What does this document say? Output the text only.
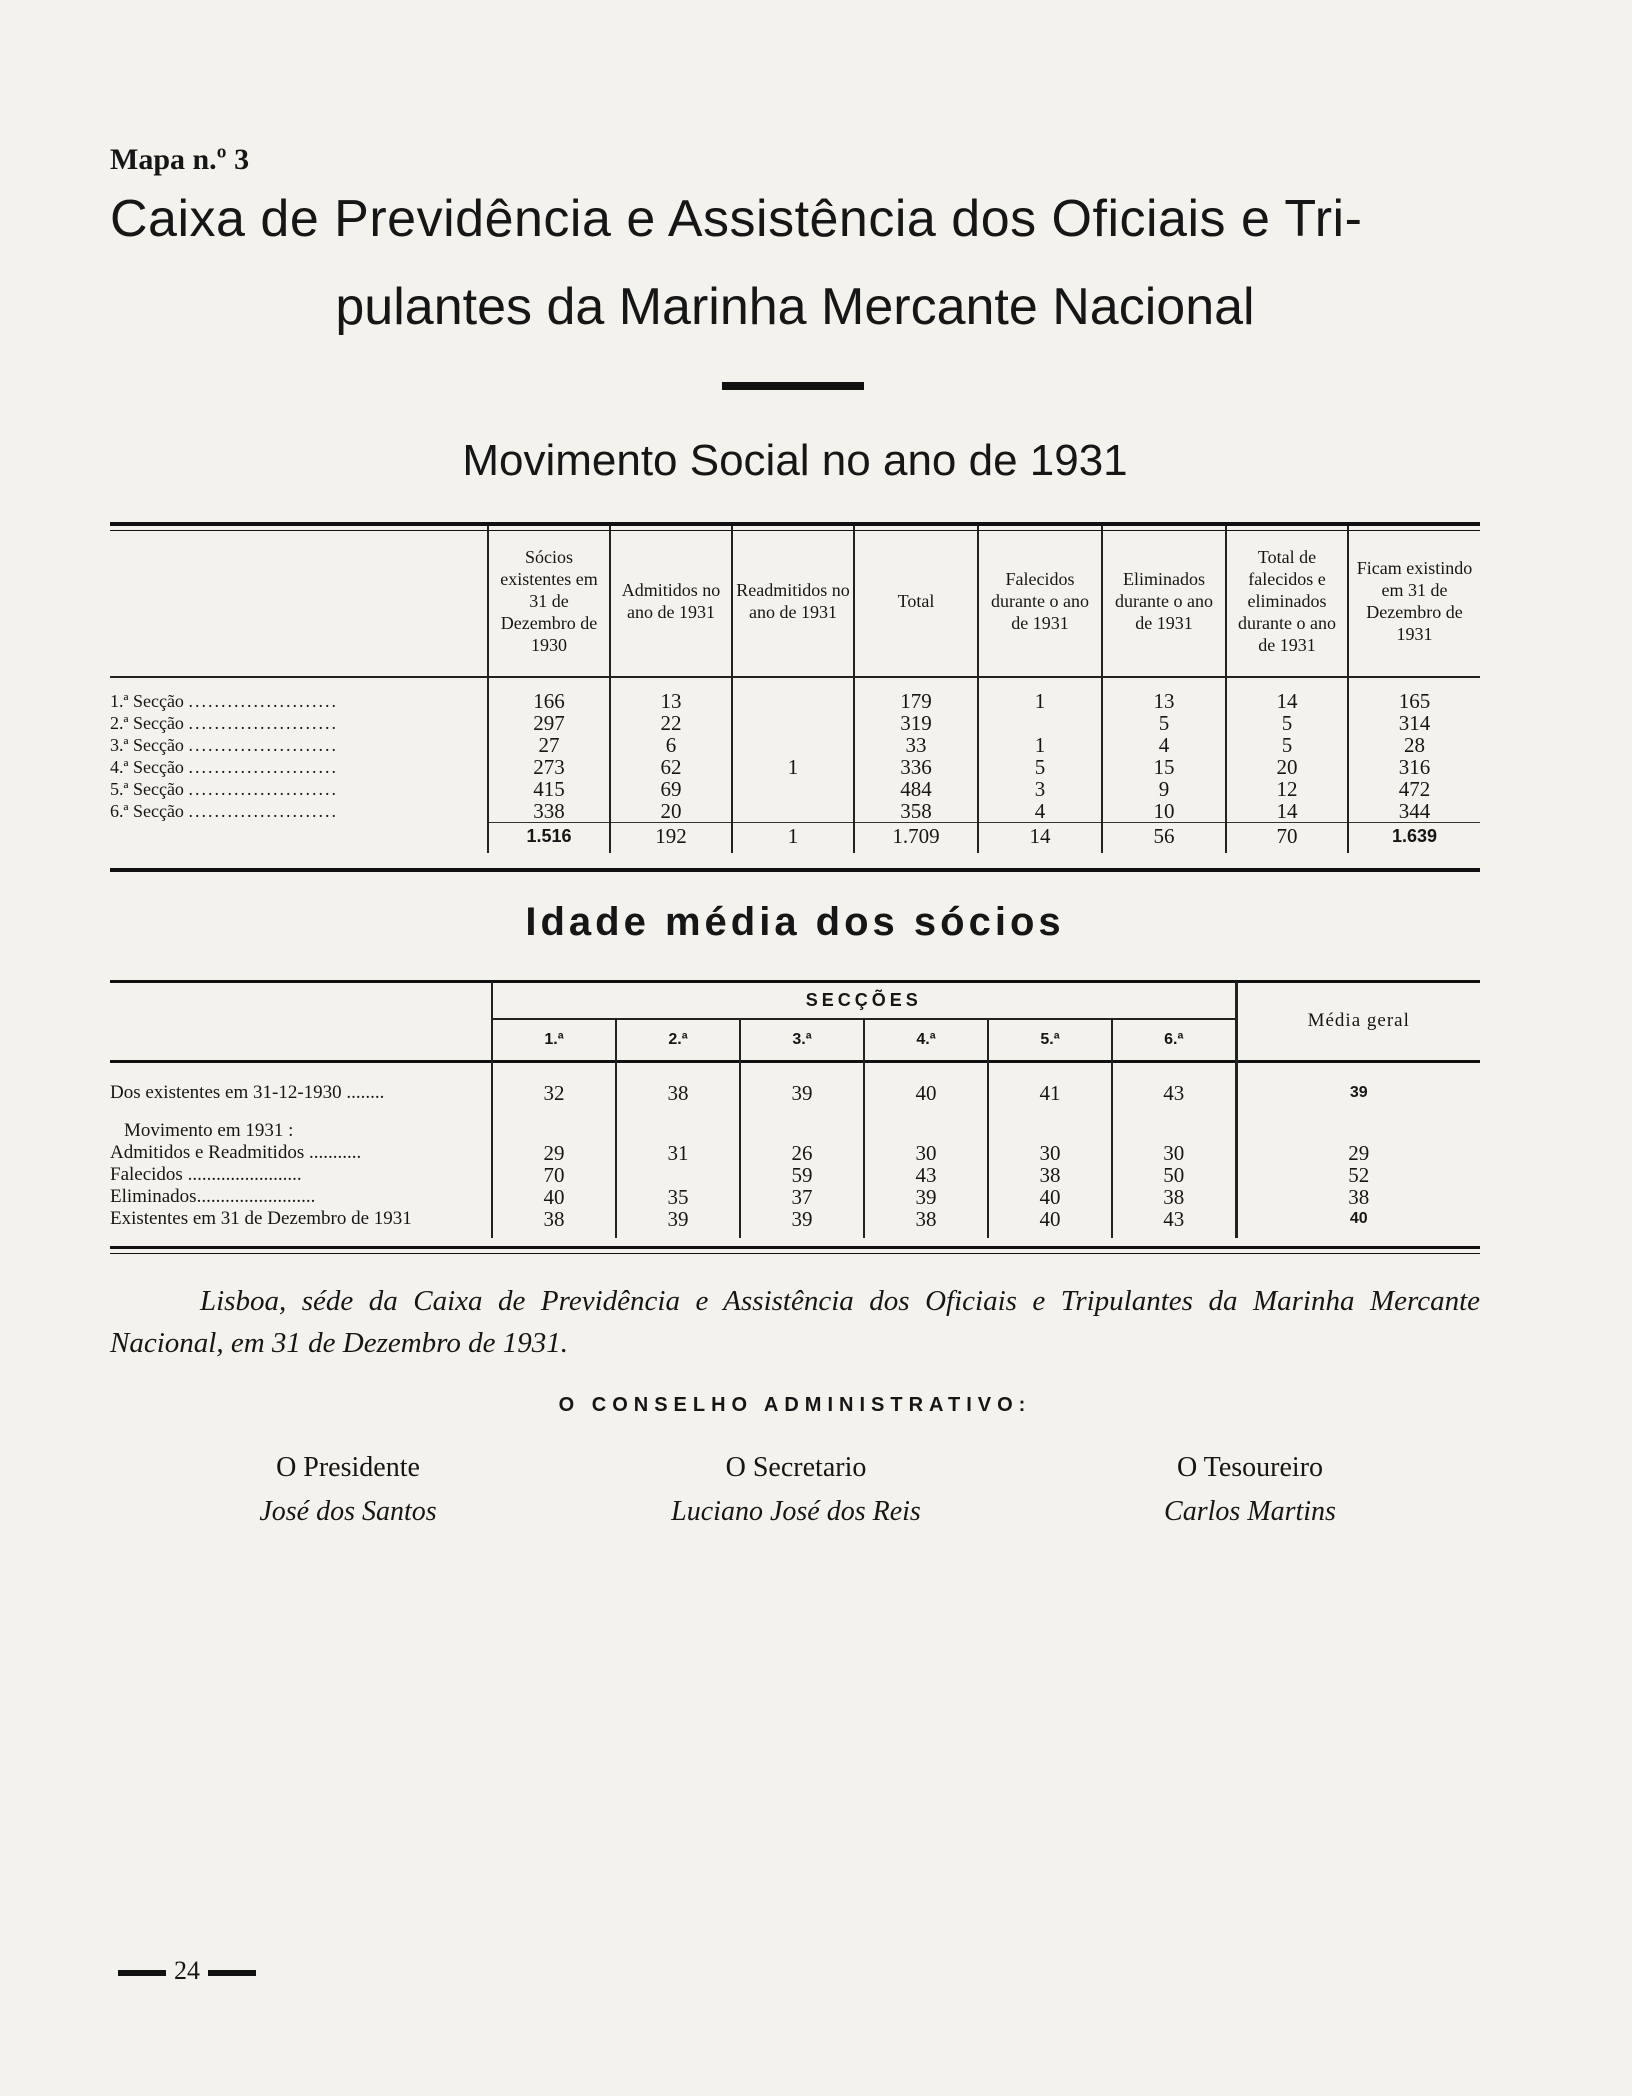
Mapa n.º 3
Caixa de Previdência e Assistência dos Oficiais e Tri-
pulantes da Marinha Mercante Nacional
Movimento Social no ano de 1931
	Sócios existentes em 31 de Dezembro de 1930	Admitidos no ano de 1931	Readmitidos no ano de 1931	Total	Falecidos durante o ano de 1931	Eliminados durante o ano de 1931	Total de falecidos e eliminados durante o ano de 1931	Ficam existindo em 31 de Dezembro de 1931
1.ª Secção .......................	166	13		179	1	13	14	165
2.ª Secção .......................	297	22		319		5	5	314
3.ª Secção .......................	27	6		33	1	4	5	28
4.ª Secção .......................	273	62	1	336	5	15	20	316
5.ª Secção .......................	415	69		484	3	9	12	472
6.ª Secção .......................	338	20		358	4	10	14	344
	1.516	192	1	1.709	14	56	70	1.639
Idade média dos sócios
	SECÇÕES						Média geral
	1.ª	2.ª	3.ª	4.ª	5.ª	6.ª	
Dos existentes em 31-12-1930 ........	32	38	39	40	41	43	39
Movimento em 1931 :							
Admitidos e Readmitidos ...........	29	31	26	30	30	30	29
Falecidos ........................	70		59	43	38	50	52
Eliminados.........................	40	35	37	39	40	38	38
Existentes em 31 de Dezembro de 1931	38	39	39	38	40	43	40

Lisboa, séde da Caixa de Previdência e Assistência dos Oficiais e Tripulantes da Marinha Mercante Nacional, em 31 de Dezembro de 1931.

O CONSELHO ADMINISTRATIVO:
O Presidente
José dos Santos
O Secretario
Luciano José dos Reis
O Tesoureiro
Carlos Martins
24
